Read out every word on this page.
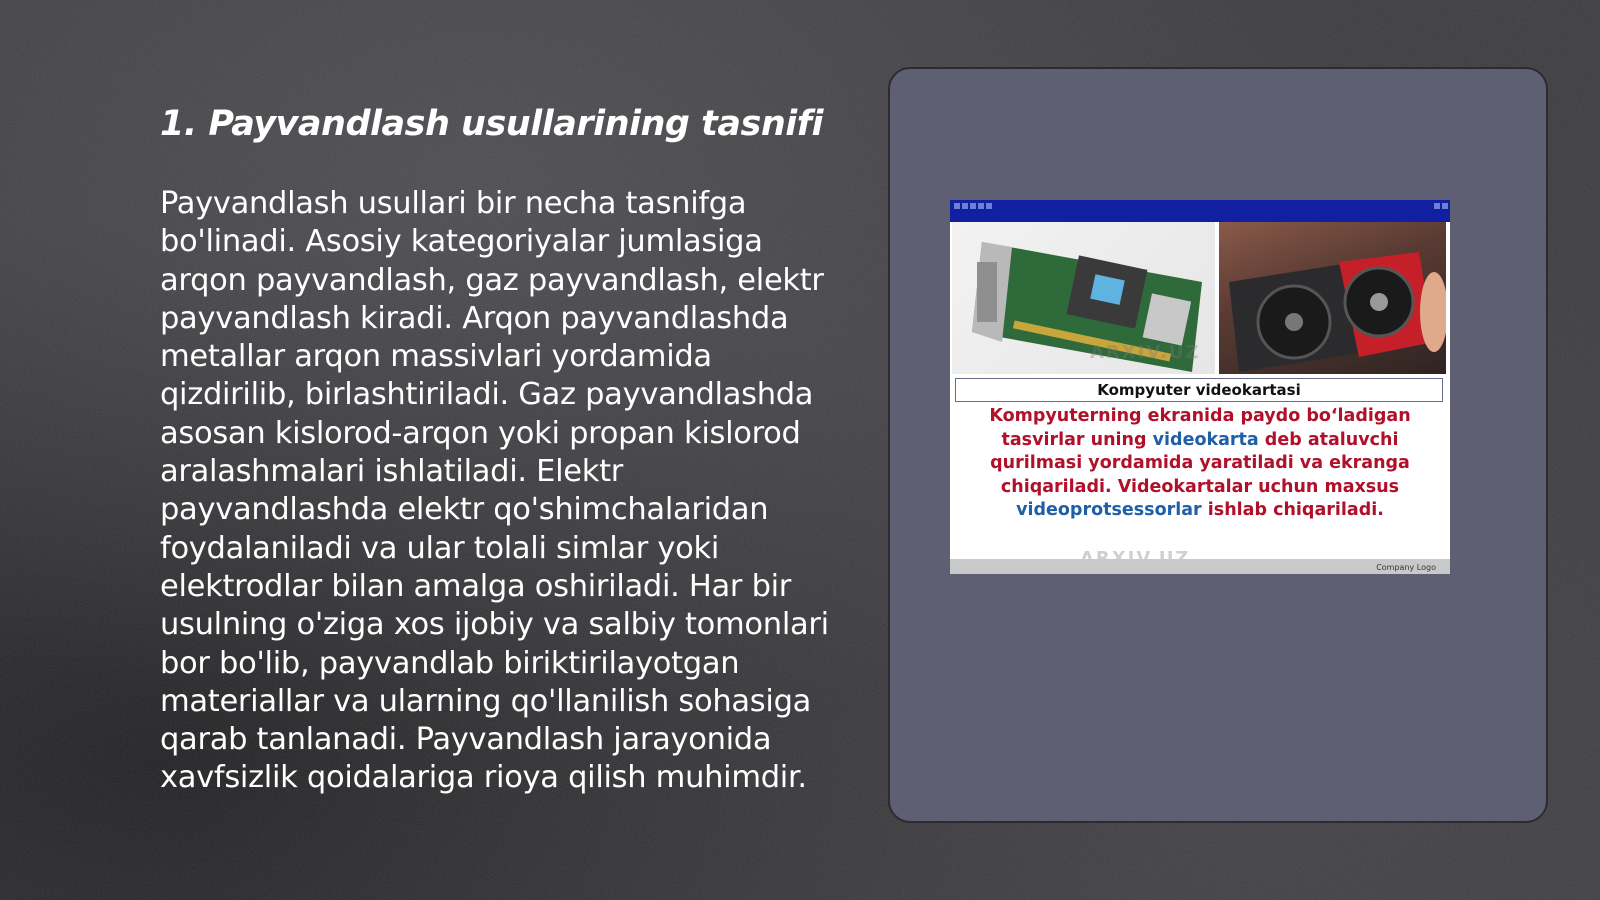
1. Payvandlash usullarining tasnifi

Payvandlash usullari bir necha tasnifga bo'linadi. Asosiy kategoriyalar jumlasiga arqon payvandlash, gaz payvandlash, elektr payvandlash kiradi. Arqon payvandlashda metallar arqon massivlari yordamida qizdirilib, birlashtiriladi. Gaz payvandlashda asosan kislorod-arqon yoki propan kislorod aralashmalari ishlatiladi. Elektr payvandlashda elektr qo'shimchalaridan foydalaniladi va ular tolali simlar yoki elektrodlar bilan amalga oshiriladi. Har bir usulning o'ziga xos ijobiy va salbiy tomonlari bor bo'lib, payvandlab biriktirilayotgan materiallar va ularning qo'llanilish sohasiga qarab tanlanadi. Payvandlash jarayonida xavfsizlik qoidalariga rioya qilish muhimdir.

ARXIV.UZ
Kompyuter videokartasi
Kompyuterning ekranida paydo bo‘ladigan tasvirlar uning videokarta deb ataluvchi qurilmasi yordamida yaratiladi va ekranga chiqariladi. Videokartalar uchun maxsus videoprotsessorlar ishlab chiqariladi.
Company Logo
